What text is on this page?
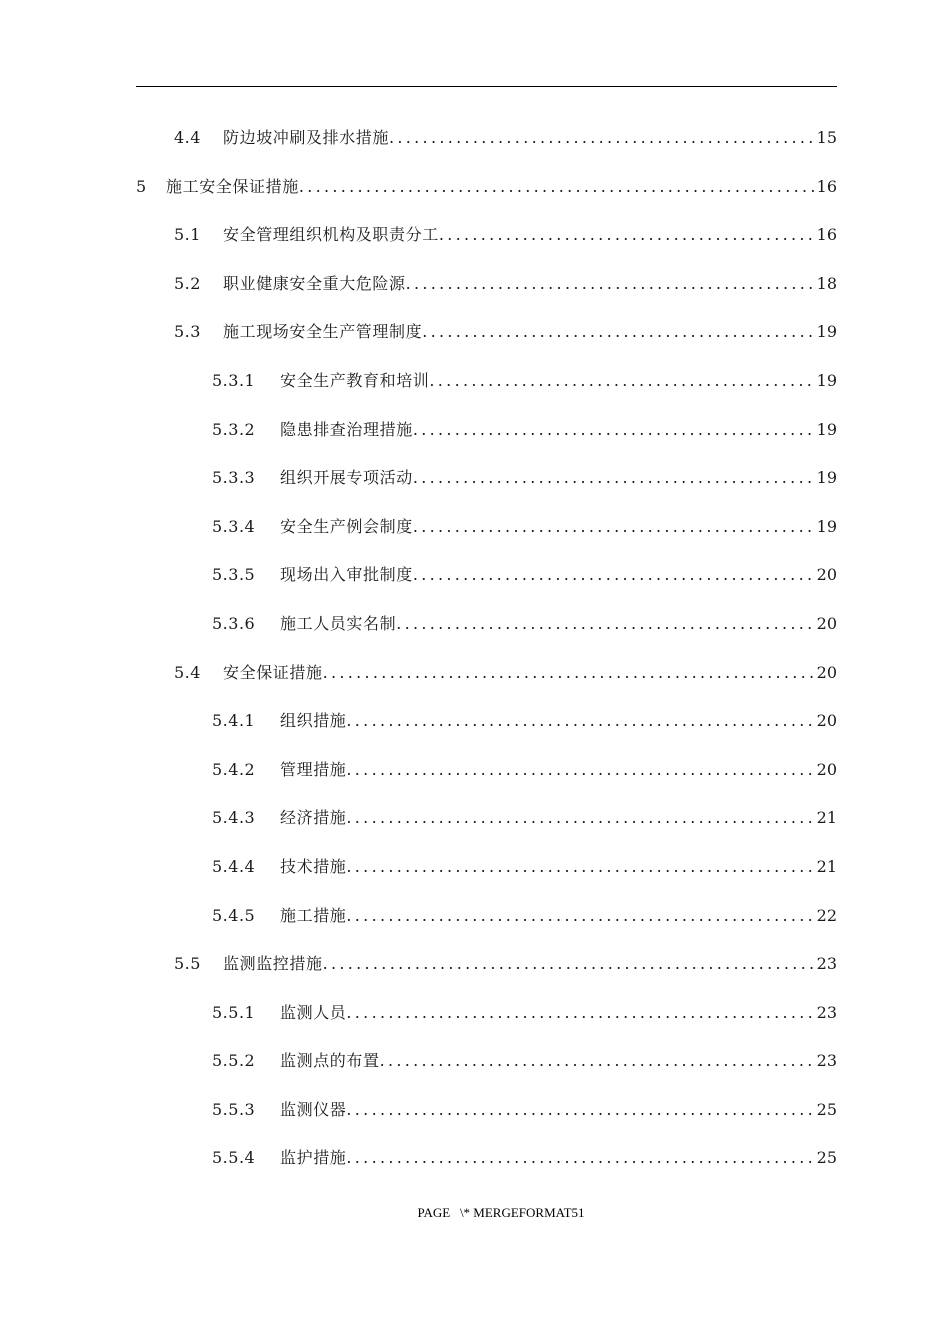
4.4	防边坡冲刷及排水措施 .....	15
5	施工安全保证措施 .....	16
5.1	安全管理组织机构及职责分工 .....	16
5.2	职业健康安全重大危险源 .....	18
5.3	施工现场安全生产管理制度 .....	19
5.3.1	安全生产教育和培训 .....	19
5.3.2	隐患排查治理措施 .....	19
5.3.3	组织开展专项活动 .....	19
5.3.4	安全生产例会制度 .....	19
5.3.5	现场出入审批制度 .....	20
5.3.6	施工人员实名制 .....	20
5.4	安全保证措施 .....	20
5.4.1	组织措施 .....	20
5.4.2	管理措施 .....	20
5.4.3	经济措施 .....	21
5.4.4	技术措施 .....	21
5.4.5	施工措施 .....	22
5.5	监测监控措施 .....	23
5.5.1	监测人员 .....	23
5.5.2	监测点的布置 .....	23
5.5.3	监测仪器 .....	25
5.5.4	监护措施 .....	25
PAGE   \* MERGEFORMAT51
